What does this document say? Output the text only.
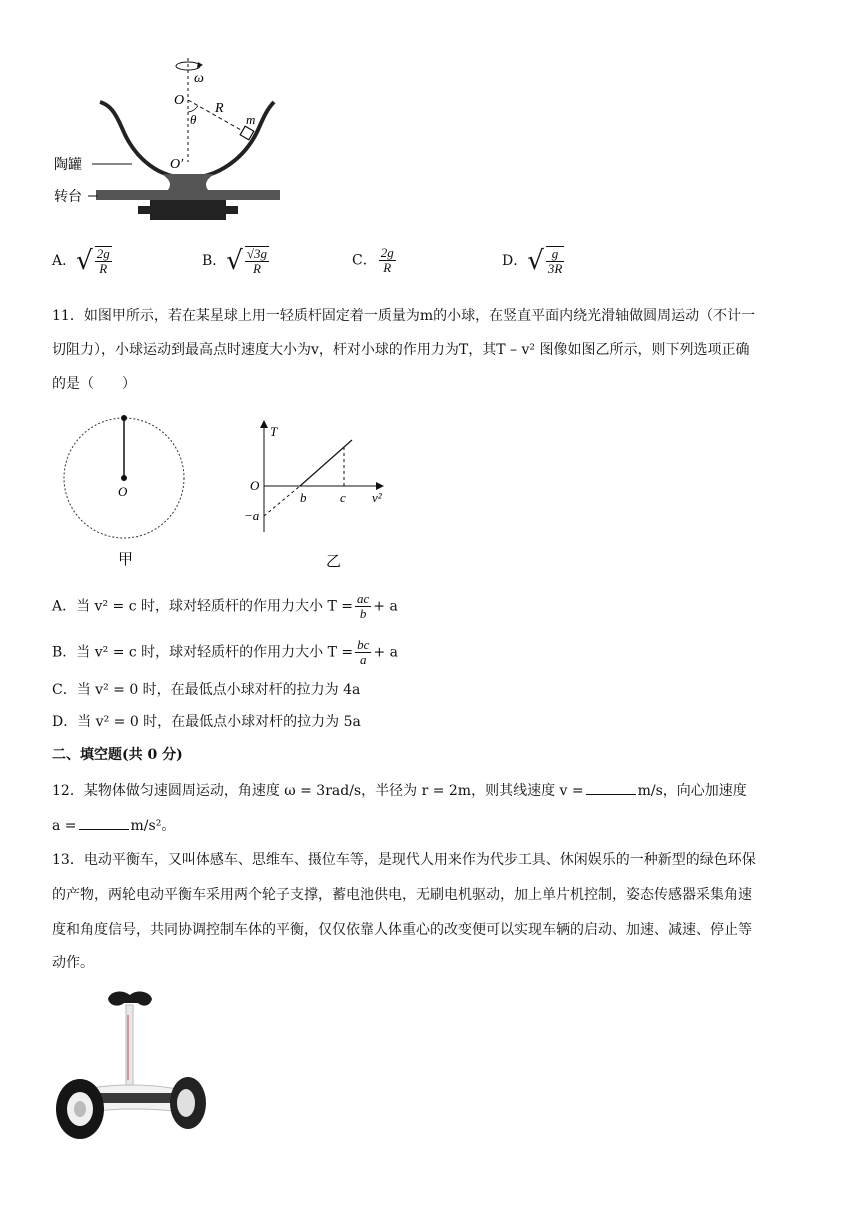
ω
O
R
θ	m
O′
陶罐
转台
A．√ $\frac{2g}{R}$	B．√ $\frac{√3g}{R}$	C． $\frac{2g}{R}$	D．√ $\frac{g}{3R}$
11．如图甲所示，若在某星球上用一轻质杆固定着一质量为m的小球，在竖直平面内绕光滑轴做圆周运动（不计一
切阻力），小球运动到最高点时速度大小为v，杆对小球的作用力为T，其T – v² 图像如图乙所示，则下列选项正确
的是（　　）
O
甲
T
O
b	c v²
−a
乙
A．当 v² = c 时，球对轻质杆的作用力大小 $T = \frac{ac}{b} + a$
B．当 v² = c 时，球对轻质杆的作用力大小 $T = \frac{bc}{a} + a$
C．当 v² = 0 时，在最低点小球对杆的拉力为 4a
D．当 v² = 0 时，在最低点小球对杆的拉力为 5a
二、填空题(共 0 分)
12．某物体做匀速圆周运动，角速度 ω = 3rad/s，半径为 r = 2m，则其线速度 v =	m/s，向心加速度
a =	m/s²。
13．电动平衡车，又叫体感车、思维车、摄位车等，是现代人用来作为代步工具、休闲娱乐的一种新型的绿色环保
的产物，两轮电动平衡车采用两个轮子支撑，蓄电池供电，无刷电机驱动，加上单片机控制，姿态传感器采集角速
度和角度信号，共同协调控制车体的平衡，仅仅依靠人体重心的改变便可以实现车辆的启动、加速、减速、停止等
动作。
